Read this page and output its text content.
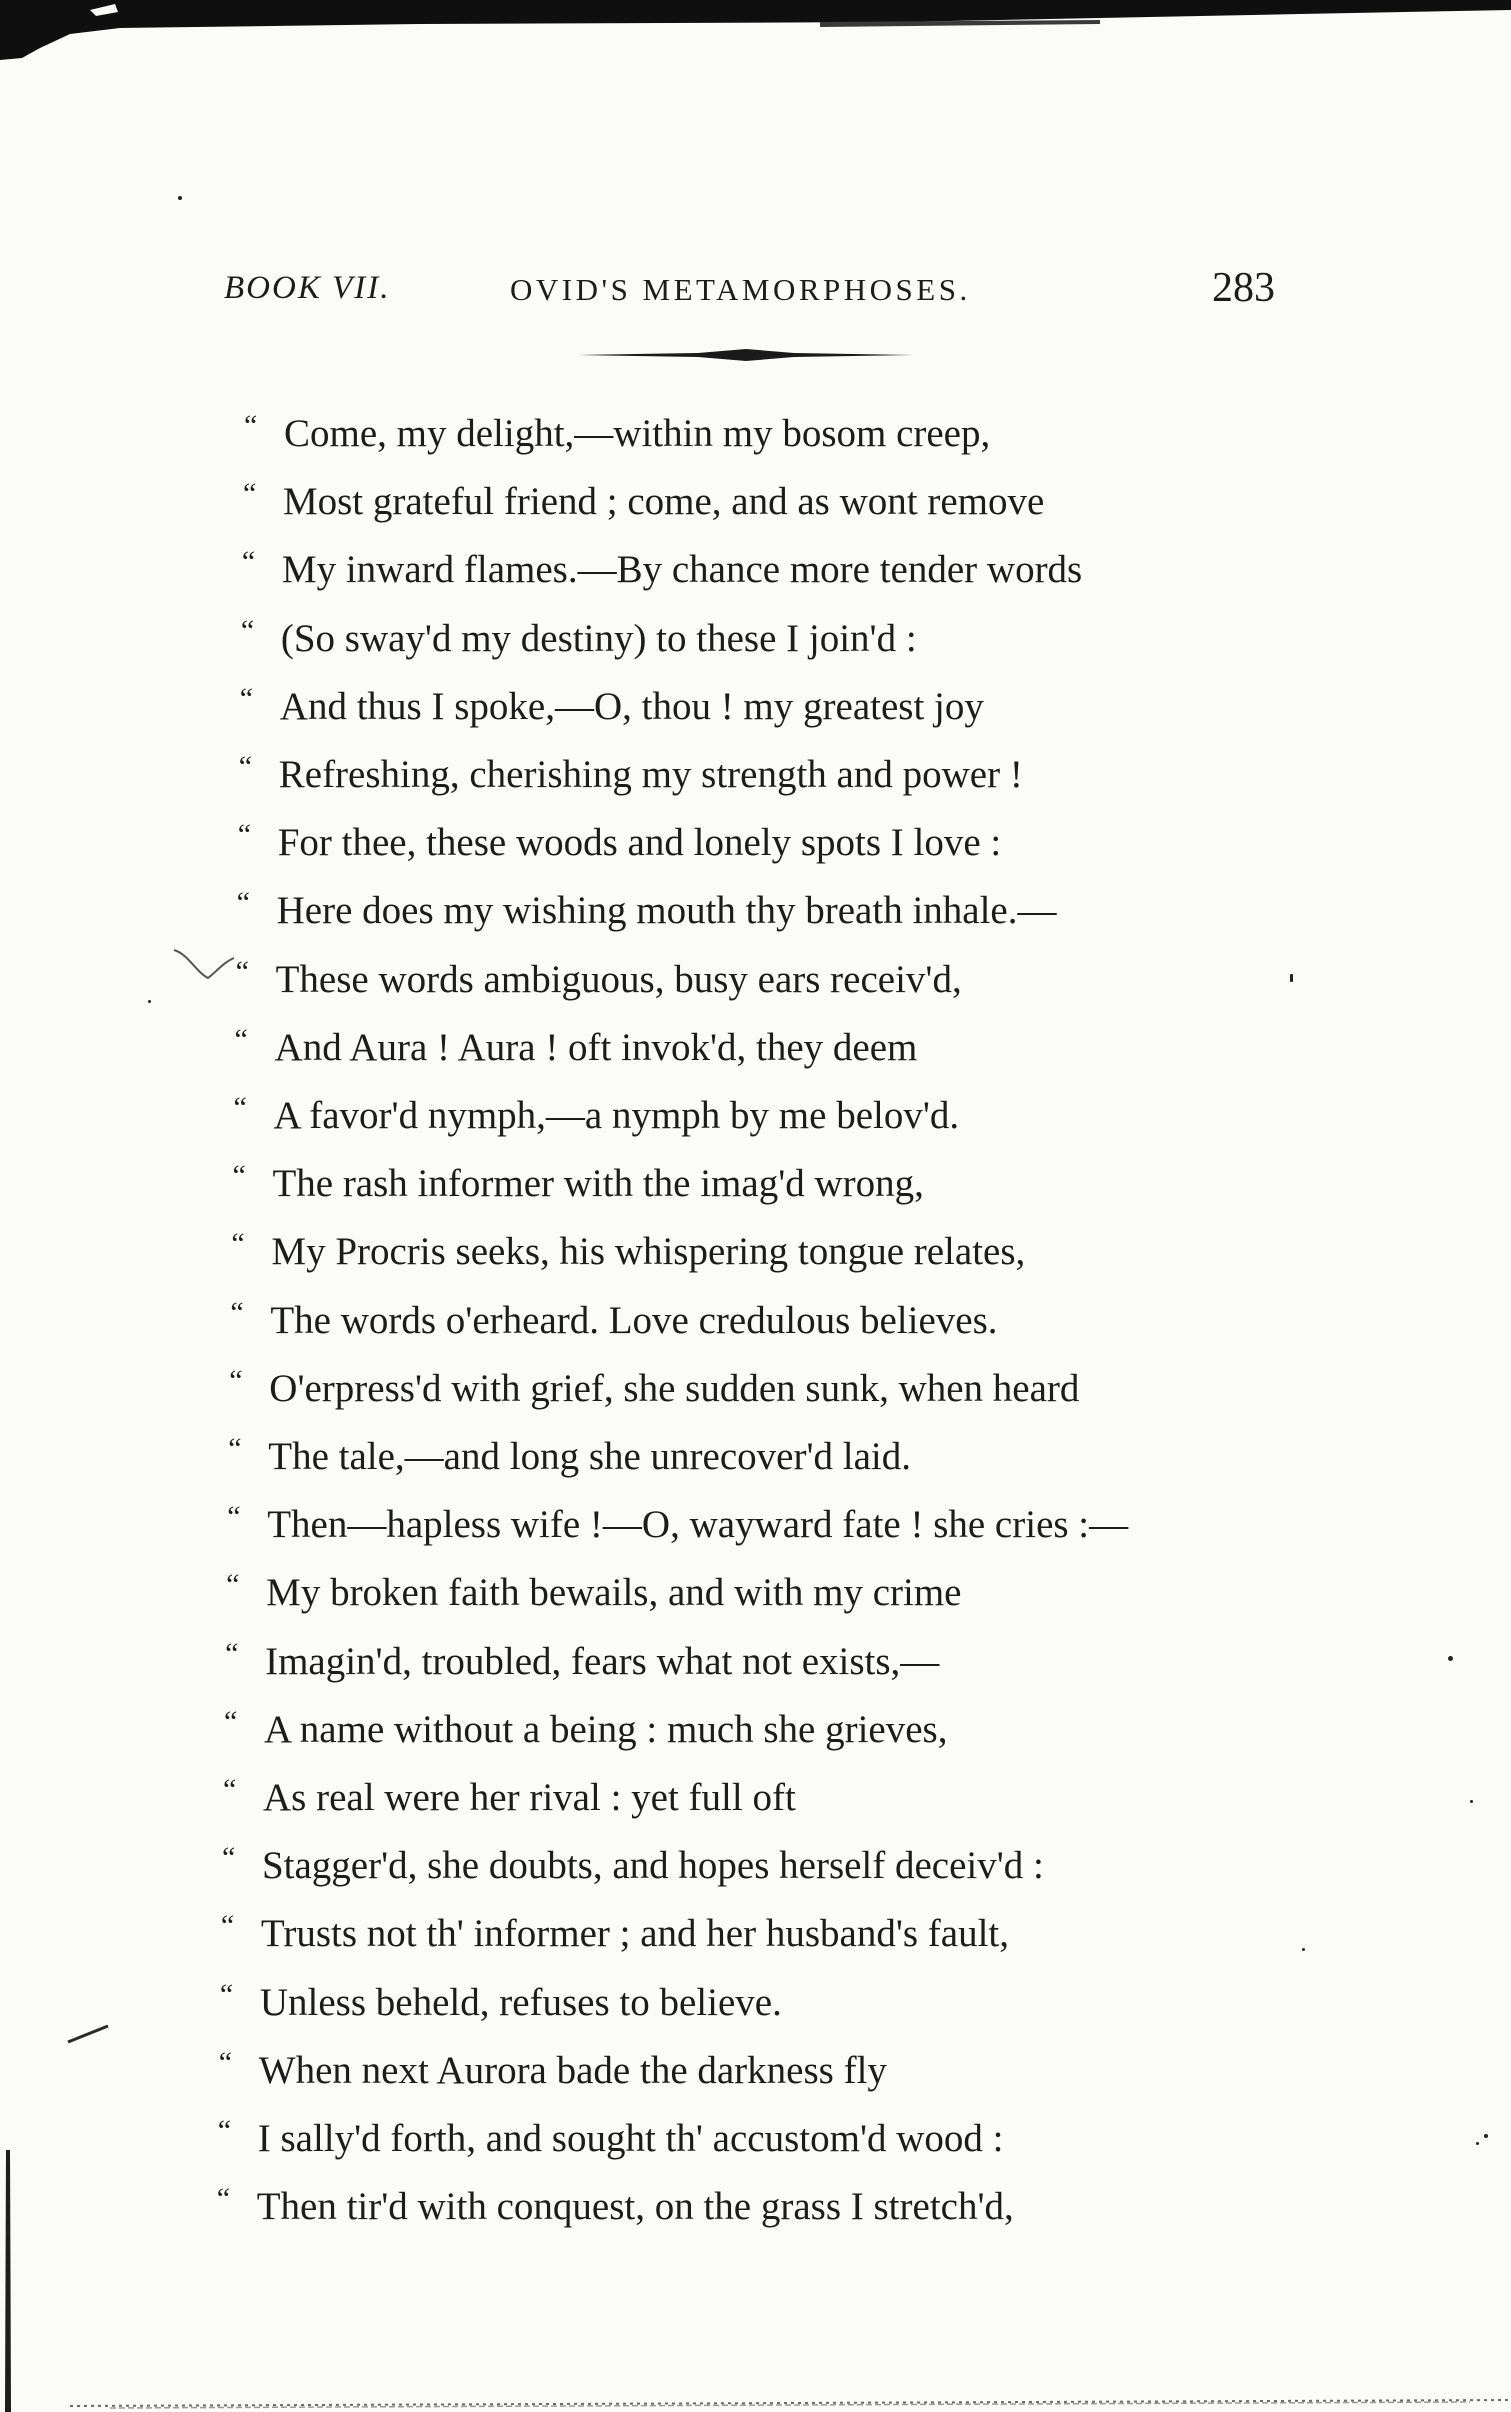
BOOK VII.	OVID'S METAMORPHOSES.	283
“ Come, my delight,—within my bosom creep,
“ Most grateful friend ; come, and as wont remove
“ My inward flames.—By chance more tender words
“ (So sway'd my destiny) to these I join'd :
“ And thus I spoke,—O, thou ! my greatest joy
“ Refreshing, cherishing my strength and power !
“ For thee, these woods and lonely spots I love :
“ Here does my wishing mouth thy breath inhale.—
“ These words ambiguous, busy ears receiv'd,
“ And Aura ! Aura ! oft invok'd, they deem
“ A favor'd nymph,—a nymph by me belov'd.
“ The rash informer with the imag'd wrong,
“ My Procris seeks, his whispering tongue relates,
“ The words o'erheard. Love credulous believes.
“ O'erpress'd with grief, she sudden sunk, when heard
“ The tale,—and long she unrecover'd laid.
“ Then—hapless wife !—O, wayward fate ! she cries :—
“ My broken faith bewails, and with my crime
“ Imagin'd, troubled, fears what not exists,—
“ A name without a being : much she grieves,
“ As real were her rival : yet full oft
“ Stagger'd, she doubts, and hopes herself deceiv'd :
“ Trusts not th' informer ; and her husband's fault,
“ Unless beheld, refuses to believe.
“ When next Aurora bade the darkness fly
“ I sally'd forth, and sought th' accustom'd wood :
“ Then tir'd with conquest, on the grass I stretch'd,
